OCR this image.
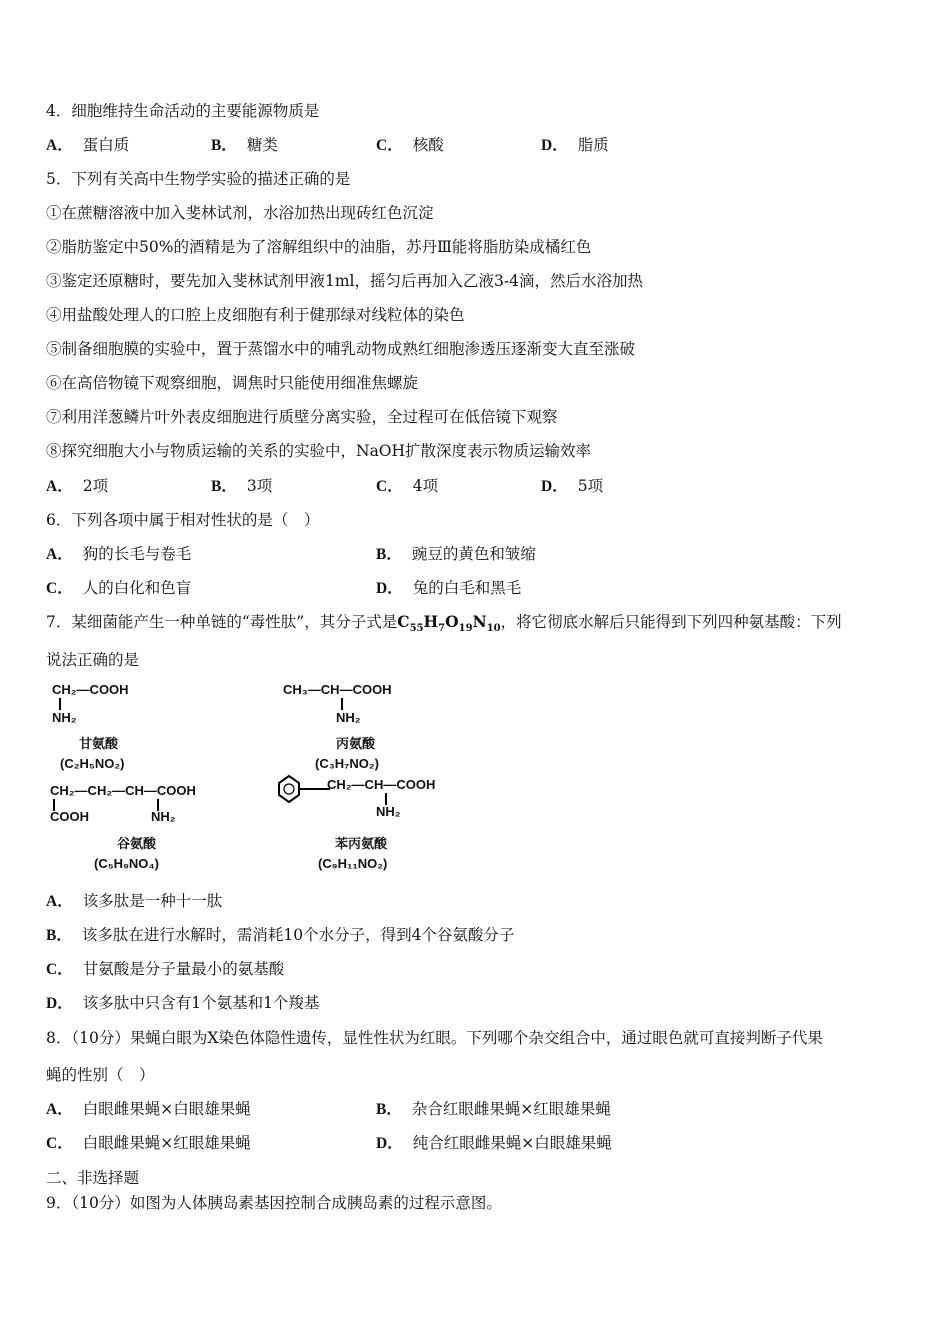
4．细胞维持生命活动的主要能源物质是
A． 蛋白质	B． 糖类	C． 核酸	D． 脂质
5．下列有关高中生物学实验的描述正确的是
①在蔗糖溶液中加入斐林试剂，水浴加热出现砖红色沉淀
②脂肪鉴定中50%的酒精是为了溶解组织中的油脂，苏丹Ⅲ能将脂肪染成橘红色
③鉴定还原糖时，要先加入斐林试剂甲液1ml，摇匀后再加入乙液3-4滴，然后水浴加热
④用盐酸处理人的口腔上皮细胞有利于健那绿对线粒体的染色
⑤制备细胞膜的实验中，置于蒸馏水中的哺乳动物成熟红细胞渗透压逐渐变大直至涨破
⑥在高倍物镜下观察细胞，调焦时只能使用细准焦螺旋
⑦利用洋葱鳞片叶外表皮细胞进行质壁分离实验，全过程可在低倍镜下观察
⑧探究细胞大小与物质运输的关系的实验中，NaOH扩散深度表示物质运输效率
A． 2项	B． 3项	C． 4项	D． 5项
6．下列各项中属于相对性状的是（　）
A． 狗的长毛与卷毛	B． 豌豆的黄色和皱缩
C． 人的白化和色盲	D． 兔的白毛和黑毛
7．某细菌能产生一种单链的“毒性肽”，其分子式是$C_{55}H_7O_{19}N_{10}$，将它彻底水解后只能得到下列四种氨基酸：下列
说法正确的是
CH₂—COOH
NH₂
甘氨酸
(C₂H₅NO₂)
CH₃—CH—COOH
NH₂
丙氨酸
(C₃H₇NO₂)
CH₂—CH₂—CH—COOH
COOH	NH₂
谷氨酸
(C₅H₉NO₄)
CH₂—CH—COOH
NH₂
苯丙氨酸
(C₉H₁₁NO₂)
A． 该多肽是一种十一肽
B． 该多肽在进行水解时，需消耗10个水分子，得到4个谷氨酸分子
C． 甘氨酸是分子量最小的氨基酸
D． 该多肽中只含有1个氨基和1个羧基
8．（10分）果蝇白眼为X染色体隐性遗传，显性性状为红眼。下列哪个杂交组合中，通过眼色就可直接判断子代果
蝇的性别（　）
A． 白眼雌果蝇×白眼雄果蝇	B． 杂合红眼雌果蝇×红眼雄果蝇
C． 白眼雌果蝇×红眼雄果蝇	D． 纯合红眼雌果蝇×白眼雄果蝇
二、非选择题
9．（10分）如图为人体胰岛素基因控制合成胰岛素的过程示意图。
